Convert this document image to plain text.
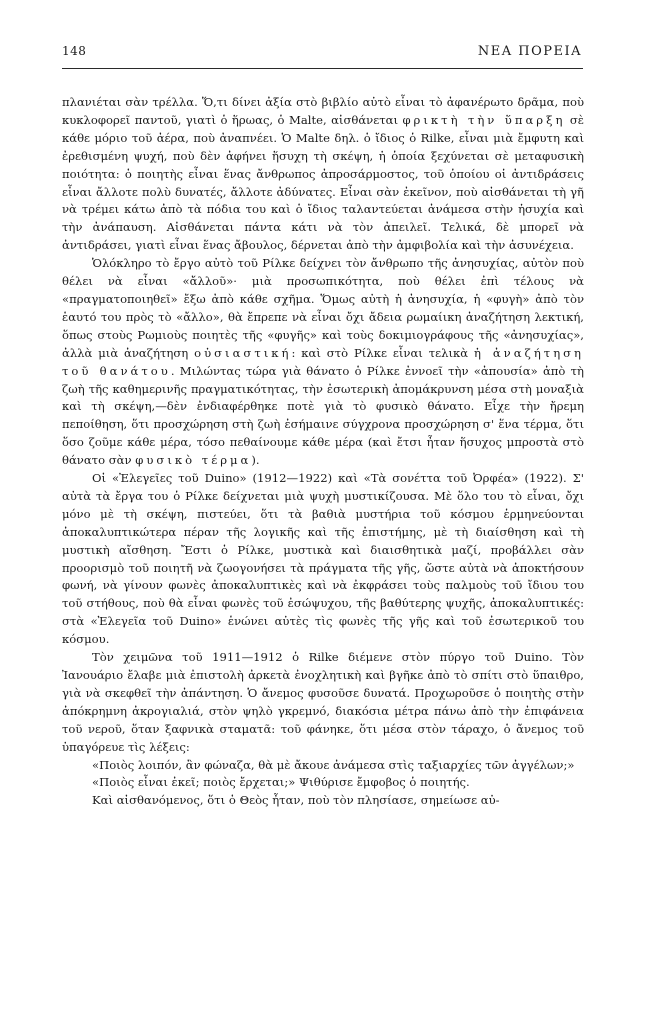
148	ΝΕΑ ΠΟΡΕΙΑ

πλανιέται σὰν τρέλλα. Ὅ,τι δίνει ἀξία στὸ βιβλίο αὐτὸ εἶναι τὸ ἀφανέρωτο δρᾶμα, ποὺ κυκλοφορεῖ παντοῦ, γιατὶ ὁ ἥρωας, ὁ Malte, αἰσθάνεται φρικτὴ τὴν ὕπαρξη σὲ κάθε μόριο τοῦ ἀέρα, ποὺ ἀναπνέει. Ὁ Malte δηλ. ὁ ἴδιος ὁ Rilke, εἶναι μιὰ ἔμφυτη καὶ ἐρεθισμένη ψυχή, ποὺ δὲν ἀφήνει ἥσυχη τὴ σκέψη, ἡ ὁποία ξεχύνεται σὲ μεταφυσικὴ ποιότητα: ὁ ποιητὴς εἶναι ἕνας ἄνθρωπος ἀπροσάρμοστος, τοῦ ὁποίου οἱ ἀντιδράσεις εἶναι ἄλλοτε πολὺ δυνατές, ἄλλοτε ἀδύνατες. Εἶναι σὰν ἐκεῖνον, ποὺ αἰσθάνεται τὴ γῆ νὰ τρέμει κάτω ἀπὸ τὰ πόδια του καὶ ὁ ἴδιος ταλαντεύεται ἀνάμεσα στὴν ἡσυχία καὶ τὴν ἀνάπαυση. Αἰσθάνεται πάντα κάτι νὰ τὸν ἀπειλεῖ. Τελικά, δὲ μπορεῖ νὰ ἀντιδράσει, γιατὶ εἶναι ἕνας ἄβουλος, δέρνεται ἀπὸ τὴν ἀμφιβολία καὶ τὴν ἀσυνέχεια.

Ὁλόκληρο τὸ ἔργο αὐτὸ τοῦ Ρίλκε δείχνει τὸν ἄνθρωπο τῆς ἀνησυχίας, αὐτὸν ποὺ θέλει νὰ εἶναι «ἄλλοῦ»· μιὰ προσωπικότητα, ποὺ θέλει ἐπὶ τέλους νὰ «πραγματοποιηθεῖ» ἔξω ἀπὸ κάθε σχῆμα. Ὅμως αὐτὴ ἡ ἀνησυχία, ἡ «φυγὴ» ἀπὸ τὸν ἑαυτό του πρὸς τὸ «ἄλλο», θὰ ἔπρεπε νὰ εἶναι ὄχι ἄδεια ρωμαίικη ἀναζήτηση λεκτική, ὅπως στοὺς Ρωμιοὺς ποιητὲς τῆς «φυγῆς» καὶ τοὺς δοκιμιογράφους τῆς «ἀνησυχίας», ἀλλὰ μιὰ ἀναζήτηση οὐσιαστική: καὶ στὸ Ρίλκε εἶναι τελικὰ ἡ ἀναζήτηση τοῦ θανάτου. Μιλώντας τώρα γιὰ θάνατο ὁ Ρίλκε ἐννοεῖ τὴν «ἀπουσία» ἀπὸ τὴ ζωὴ τῆς καθημερινῆς πραγματικότητας, τὴν ἐσωτερικὴ ἀπομάκρυνση μέσα στὴ μοναξιὰ καὶ τὴ σκέψη,—δὲν ἐνδιαφέρθηκε ποτὲ γιὰ τὸ φυσικὸ θάνατο. Εἶχε τὴν ἤρεμη πεποίθηση, ὅτι προσχώρηση στὴ ζωὴ ἐσήμαινε σύγχρονα προσχώρηση σ' ἕνα τέρμα, ὅτι ὅσο ζοῦμε κάθε μέρα, τόσο πεθαίνουμε κάθε μέρα (καὶ ἔτσι ἦταν ἥσυχος μπροστὰ στὸ θάνατο σὰν φυσικὸ τέρμα).

Οἱ «Ἐλεγεῖες τοῦ Duino» (1912—1922) καὶ «Τὰ σονέττα τοῦ Ὀρφέα» (1922). Σ' αὐτὰ τὰ ἔργα του ὁ Ρίλκε δείχνεται μιὰ ψυχὴ μυστικίζουσα. Μὲ ὅλο του τὸ εἶναι, ὄχι μόνο μὲ τὴ σκέψη, πιστεύει, ὅτι τὰ βαθιὰ μυστήρια τοῦ κόσμου ἑρμηνεύονται ἀποκαλυπτικώτερα πέραν τῆς λογικῆς καὶ τῆς ἐπιστήμης, μὲ τὴ διαίσθηση καὶ τὴ μυστικὴ αἴσθηση. Ἔστι ὁ Ρίλκε, μυστικὰ καὶ διαισθητικὰ μαζί, προβάλλει σὰν προορισμὸ τοῦ ποιητῆ νὰ ζωογονήσει τὰ πράγματα τῆς γῆς, ὥστε αὐτὰ νὰ ἀποκτήσουν φωνή, νὰ γίνουν φωνὲς ἀποκαλυπτικὲς καὶ νὰ ἐκφράσει τοὺς παλμοὺς τοῦ ἴδιου του τοῦ στήθους, ποὺ θὰ εἶναι φωνὲς τοῦ ἐσώψυχου, τῆς βαθύτερης ψυχῆς, ἀποκαλυπτικές: στὰ «Ἐλεγεῖα τοῦ Duino» ἑνώνει αὐτὲς τὶς φωνὲς τῆς γῆς καὶ τοῦ ἐσωτερικοῦ του κόσμου.

Τὸν χειμῶνα τοῦ 1911—1912 ὁ Rilke διέμενε στὸν πύργο τοῦ Duino. Τὸν Ἰανουάριο ἔλαβε μιὰ ἐπιστολὴ ἀρκετὰ ἐνοχλητικὴ καὶ βγῆκε ἀπὸ τὸ σπίτι στὸ ὕπαιθρο, γιὰ νὰ σκεφθεῖ τὴν ἀπάντηση. Ὁ ἄνεμος φυσοῦσε δυνατά. Προχωροῦσε ὁ ποιητὴς στὴν ἀπόκρημνη ἀκρογιαλιά, στὸν ψηλὸ γκρεμνό, διακόσια μέτρα πάνω ἀπὸ τὴν ἐπιφάνεια τοῦ νεροῦ, ὅταν ξαφνικὰ σταματᾶ: τοῦ φάνηκε, ὅτι μέσα στὸν τάραχο, ὁ ἄνεμος τοῦ ὑπαγόρευε τὶς λέξεις:

«Ποιὸς λοιπόν, ἂν φώναζα, θὰ μὲ ἄκουε ἀνάμεσα στὶς ταξιαρχίες τῶν ἀγγέλων;»

«Ποιὸς εἶναι ἐκεῖ; ποιὸς ἔρχεται;» Ψιθύρισε ἔμφοβος ὁ ποιητής.

Καὶ αἰσθανόμενος, ὅτι ὁ Θεὸς ἦταν, ποὺ τὸν πλησίασε, σημείωσε αὐ-
